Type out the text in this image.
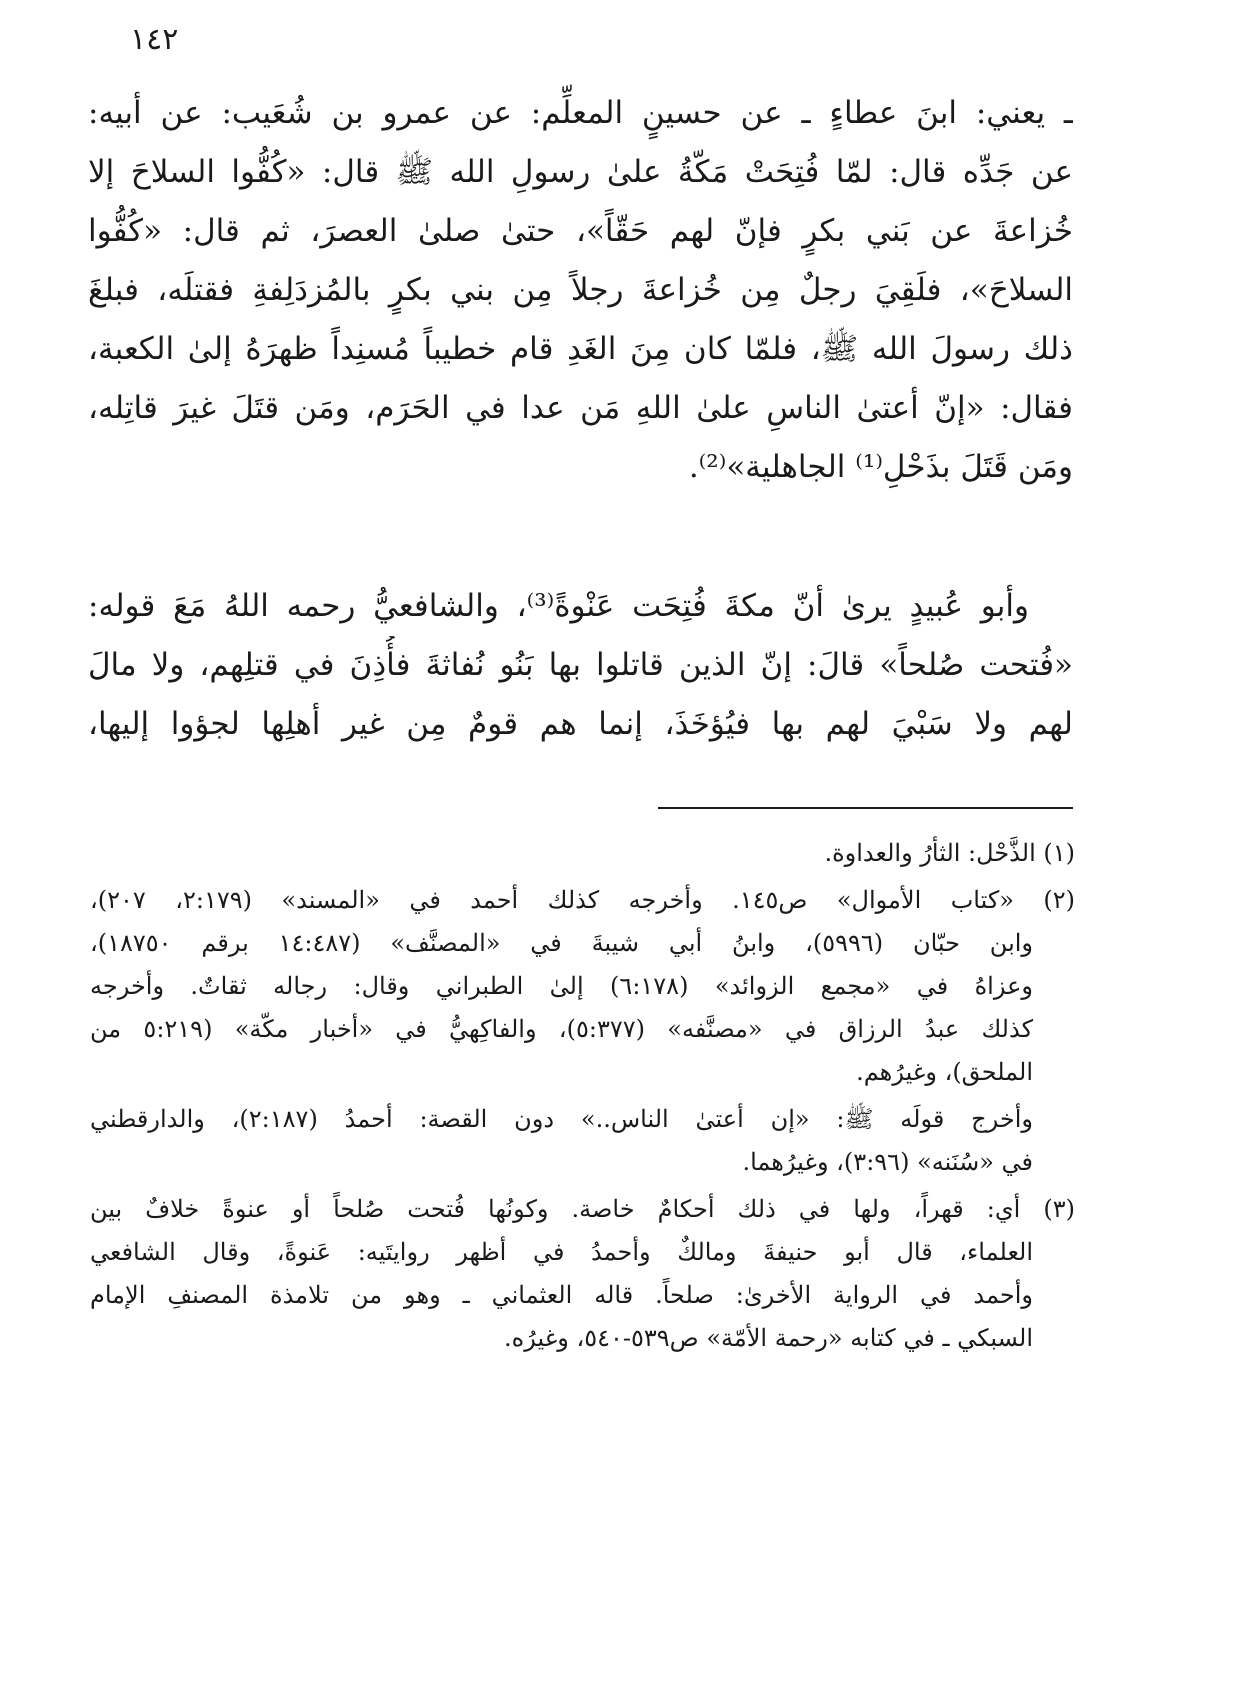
١٤٢
ـ يعني: ابنَ عطاءٍ ـ عن حسينٍ المعلِّم: عن عمرو بن شُعَيب: عن أبيه:
عن جَدِّه قال: لمّا فُتِحَتْ مَكّةُ علىٰ رسولِ الله ﷺ قال: «كُفُّوا السلاحَ إلا
خُزاعةَ عن بَني بكرٍ فإنّ لهم حَقّاً»، حتىٰ صلىٰ العصرَ، ثم قال: «كُفُّوا
السلاحَ»، فلَقِيَ رجلٌ مِن خُزاعةَ رجلاً مِن بني بكرٍ بالمُزدَلِفةِ فقتلَه، فبلغَ
ذلك رسولَ الله ﷺ، فلمّا كان مِنَ الغَدِ قام خطيباً مُسنِداً ظهرَهُ إلىٰ الكعبة،
فقال: «إنّ أعتىٰ الناسِ علىٰ اللهِ مَن عدا في الحَرَم، ومَن قتَلَ غيرَ قاتِله،
ومَن قَتَلَ بذَحْلِ⁽¹⁾ الجاهلية»⁽²⁾.
وأبو عُبيدٍ يرىٰ أنّ مكةَ فُتِحَت عَنْوةً⁽³⁾، والشافعيُّ رحمه اللهُ مَعَ قوله:
«فُتحت صُلحاً» قالَ: إنّ الذين قاتلوا بها بَنُو نُفاثةَ فأُذِنَ في قتلِهم، ولا مالَ
لهم ولا سَبْيَ لهم بها فيُؤخَذَ، إنما هم قومٌ مِن غير أهلِها لجؤوا إليها،
(١) الذَّحْل: الثأرُ والعداوة.
(٢) «كتاب الأموال» ص١٤٥. وأخرجه كذلك أحمد في «المسند» (٢:١٧٩، ٢٠٧)،
وابن حبّان (٥٩٩٦)، وابنُ أبي شيبةَ في «المصنَّف» (١٤:٤٨٧ برقم ١٨٧٥٠)،
وعزاهُ في «مجمع الزوائد» (٦:١٧٨) إلىٰ الطبراني وقال: رجاله ثقاتٌ. وأخرجه
كذلك عبدُ الرزاق في «مصنَّفه» (٥:٣٧٧)، والفاكِهيُّ في «أخبار مكّة» (٥:٢١٩ من
الملحق)، وغيرُهم.
وأخرج قولَه ﷺ: «إن أعتىٰ الناس..» دون القصة: أحمدُ (٢:١٨٧)، والدارقطني
في «سُنَنه» (٣:٩٦)، وغيرُهما.
(٣) أي: قهراً، ولها في ذلك أحكامٌ خاصة. وكونُها فُتحت صُلحاً أو عنوةً خلافٌ بين
العلماء، قال أبو حنيفةَ ومالكٌ وأحمدُ في أظهر روايتَيه: عَنوةً، وقال الشافعي
وأحمد في الرواية الأخرىٰ: صلحاً. قاله العثماني ـ وهو من تلامذة المصنفِ الإمام
السبكي ـ في كتابه «رحمة الأمّة» ص٥٣٩-٥٤٠، وغيرُه.
